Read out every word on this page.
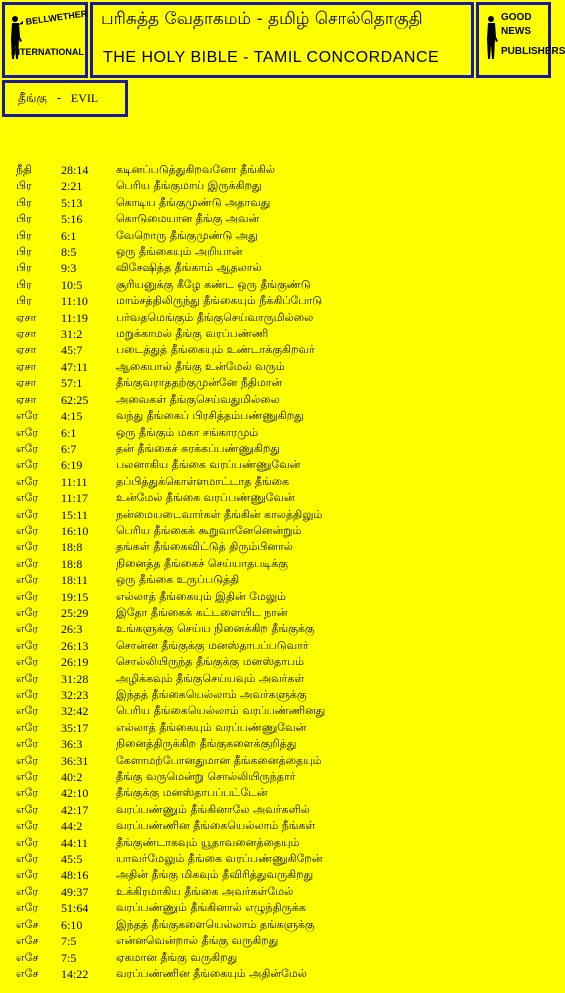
BELLWETHER
INTERNATIONAL
பரிசுத்த வேதாகமம் - தமிழ் சொல்தொகுதி
THE HOLY BIBLE - TAMIL CONCORDANCE
GOOD NEWS
PUBLISHERS
தீங்கு - EVIL
நீதி	28:14	கடினப்படுத்துகிறவனோ தீங்கில்
பிர	2:21	பெரிய தீங்குமாய் இருக்கிறது
பிர	5:13	கொடிய தீங்குமுண்டு அதாவது
பிர	5:16	கொடுமையான தீங்கு அவன்
பிர	6:1	வேறொரு தீங்குமுண்டு அது
பிர	8:5	ஒரு தீங்கையும் அறியான்
பிர	9:3	விசேஷித்த தீங்காம் ஆதலால்
பிர	10:5	சூரியனுக்கு கீழே கண்ட ஒரு தீங்குண்டு
பிர	11:10	மாம்சத்திலிருந்து தீங்கையும் நீக்கிப்போடு
ஏசா	11:19	பர்வதமெங்கும் தீங்குசெய்வாருமில்லை
ஏசா	31:2	மறுக்காமல் தீங்கு வரப்பண்ணி
ஏசா	45:7	படைத்துத் தீங்கையும் உண்டாக்குகிறவர்
ஏசா	47:11	ஆகையால் தீங்கு உன்மேல் வரும்
ஏசா	57:1	தீங்குவராததற்குமுன்னே நீதிமான்
ஏசா	62:25	அவைகள் தீங்குசெய்வதுமில்லை
எரே	4:15	வந்து தீங்கைப் பிரசித்தம்பண்ணுகிறது
எரே	6:1	ஒரு தீங்கும் மகா சங்காரமும்
எரே	6:7	தன் தீங்கைச் சுரக்கப்பண்ணுகிறது
எரே	6:19	பலனாகிய தீங்கை வரப்பண்ணுவேன்
எரே	11:11	தப்பித்துக்கொள்ளமாட்டாத தீங்கை
எரே	11:17	உன்மேல் தீங்கை வரப்பண்ணுவேன்
எரே	15:11	நன்மையடைவார்கள் தீங்கின் காலத்திலும்
எரே	16:10	பெரிய தீங்கைக் கூறுவானேனென்றும்
எரே	18:8	தங்கள் தீங்கைவிட்டுத் திரும்பினால்
எரே	18:8	நினைத்த தீங்கைச் செய்யாதபடிக்கு
எரே	18:11	ஒரு தீங்கை உருப்படுத்தி
எரே	19:15	எல்லாத் தீங்கையும் இதின் மேலும்
எரே	25:29	இதோ தீங்கைக் கட்டளையிட நான்
எரே	26:3	உங்களுக்கு செய்ய நினைக்கிற தீங்குக்கு
எரே	26:13	சொன்ன தீங்குக்கு மனஸ்தாபப்படுவார்
எரே	26:19	சொல்லியிருந்த தீங்குக்கு மனஸ்தாபம்
எரே	31:28	அழிக்கவும் தீங்குசெய்யவும் அவர்கள்
எரே	32:23	இந்தத் தீங்கையெல்லாம் அவர்களுக்கு
எரே	32:42	பெரிய தீங்கையெல்லாம் வரப்பண்ணினது
எரே	35:17	எல்லாத் தீங்கையும் வரப்பண்ணுவேன்
எரே	36:3	நினைத்திருக்கிற தீங்குகளைக்குறித்து
எரே	36:31	கேளாமற்போனதுமான தீங்கனைத்தையும்
எரே	40:2	தீங்கு வருமென்று சொல்லியிருந்தார்
எரே	42:10	தீங்குக்கு மனஸ்தாபப்பட்டேன்
எரே	42:17	வரப்பண்ணும் தீங்கினாலே அவர்களில்
எரே	44:2	வரப்பண்ணின தீங்கையெல்லாம் நீங்கள்
எரே	44:11	தீங்குண்டாகவும் யூதாவனைத்தையும்
எரே	45:5	யாவர்மேலும் தீங்கை வரப்பண்ணுகிறேன்
எரே	48:16	அதின் தீங்கு மிகவும் தீவிரித்துவருகிறது
எரே	49:37	உக்கிரமாகிய தீங்கை அவர்கள்மேல்
எரே	51:64	வரப்பண்ணும் தீங்கினால் எழுந்திருக்க
எசே	6:10	இந்தத் தீங்குகளையெல்லாம் தங்களுக்கு
எசே	7:5	என்னவென்றால் தீங்கு வருகிறது
எசே	7:5	ஏகமான தீங்கு வருகிறது
எசே	14:22	வரப்பண்ணின தீங்கையும் அதின்மேல்
